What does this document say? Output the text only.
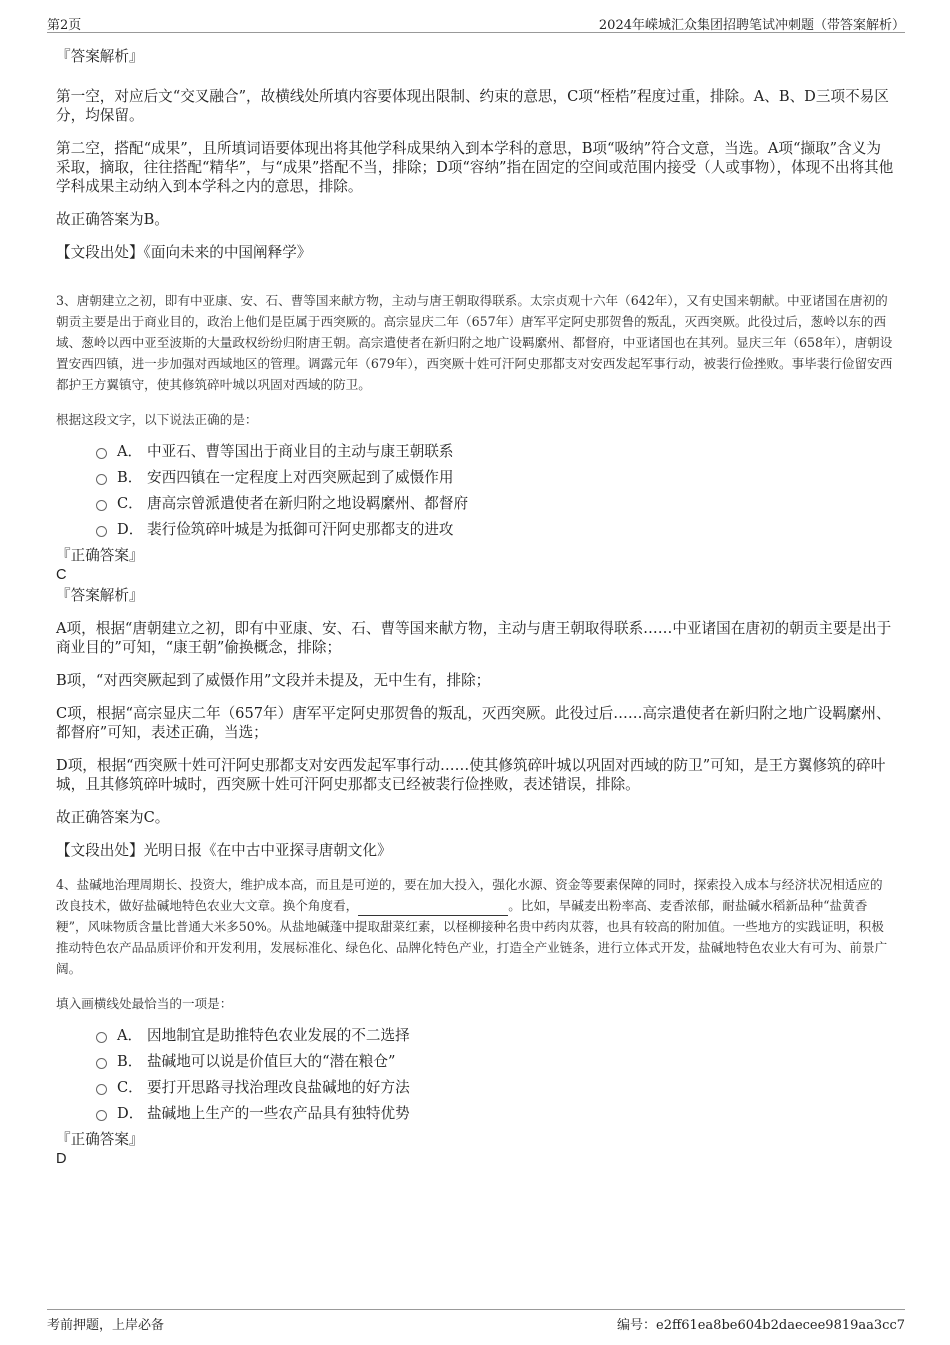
第2页	2024年嵘城汇众集团招聘笔试冲刺题（带答案解析）

『答案解析』

第一空，对应后文“交叉融合”，故横线处所填内容要体现出限制、约束的意思，C项“桎梏”程度过重，排除。A、B、D三项不易区分，均保留。

第二空，搭配“成果”，且所填词语要体现出将其他学科成果纳入到本学科的意思，B项“吸纳”符合文意，当选。A项“撷取”含义为采取，摘取，往往搭配“精华”，与“成果”搭配不当，排除；D项“容纳”指在固定的空间或范围内接受（人或事物），体现不出将其他学科成果主动纳入到本学科之内的意思，排除。

故正确答案为B。

【文段出处】《面向未来的中国阐释学》

3、唐朝建立之初，即有中亚康、安、石、曹等国来献方物，主动与唐王朝取得联系。太宗贞观十六年（642年），又有史国来朝献。中亚诸国在唐初的朝贡主要是出于商业目的，政治上他们是臣属于西突厥的。高宗显庆二年（657年）唐军平定阿史那贺鲁的叛乱，灭西突厥。此役过后，葱岭以东的西域、葱岭以西中亚至波斯的大量政权纷纷归附唐王朝。高宗遣使者在新归附之地广设羁縻州、都督府，中亚诸国也在其列。显庆三年（658年），唐朝设置安西四镇，进一步加强对西域地区的管理。调露元年（679年），西突厥十姓可汗阿史那都支对安西发起军事行动，被裴行俭挫败。事毕裴行俭留安西都护王方翼镇守，使其修筑碎叶城以巩固对西域的防卫。

根据这段文字，以下说法正确的是：

A． 中亚石、曹等国出于商业目的主动与康王朝联系
B． 安西四镇在一定程度上对西突厥起到了威慑作用
C． 唐高宗曾派遣使者在新归附之地设羁縻州、都督府
D． 裴行俭筑碎叶城是为抵御可汗阿史那都支的进攻

『正确答案』

C

『答案解析』

A项，根据“唐朝建立之初，即有中亚康、安、石、曹等国来献方物，主动与唐王朝取得联系……中亚诸国在唐初的朝贡主要是出于商业目的”可知，“康王朝”偷换概念，排除；

B项，“对西突厥起到了威慑作用”文段并未提及，无中生有，排除；

C项，根据“高宗显庆二年（657年）唐军平定阿史那贺鲁的叛乱，灭西突厥。此役过后……高宗遣使者在新归附之地广设羁縻州、都督府”可知，表述正确，当选；

D项，根据“西突厥十姓可汗阿史那都支对安西发起军事行动……使其修筑碎叶城以巩固对西域的防卫”可知，是王方翼修筑的碎叶城，且其修筑碎叶城时，西突厥十姓可汗阿史那都支已经被裴行俭挫败，表述错误，排除。

故正确答案为C。

【文段出处】光明日报《在中古中亚探寻唐朝文化》

4、盐碱地治理周期长、投资大，维护成本高，而且是可逆的，要在加大投入，强化水源、资金等要素保障的同时，探索投入成本与经济状况相适应的改良技术，做好盐碱地特色农业大文章。换个角度看，	。比如，旱碱麦出粉率高、麦香浓郁，耐盐碱水稻新品种“盐黄香粳”，风味物质含量比普通大米多50%。从盐地碱蓬中提取甜菜红素，以柽柳接种名贵中药肉苁蓉，也具有较高的附加值。一些地方的实践证明，积极推动特色农产品品质评价和开发利用，发展标准化、绿色化、品牌化特色产业，打造全产业链条，进行立体式开发，盐碱地特色农业大有可为、前景广阔。

填入画横线处最恰当的一项是：

A． 因地制宜是助推特色农业发展的不二选择
B． 盐碱地可以说是价值巨大的“潜在粮仓”
C． 要打开思路寻找治理改良盐碱地的好方法
D． 盐碱地上生产的一些农产品具有独特优势

『正确答案』

D

考前押题，上岸必备	编号：e2ff61ea8be604b2daecee9819aa3cc7
